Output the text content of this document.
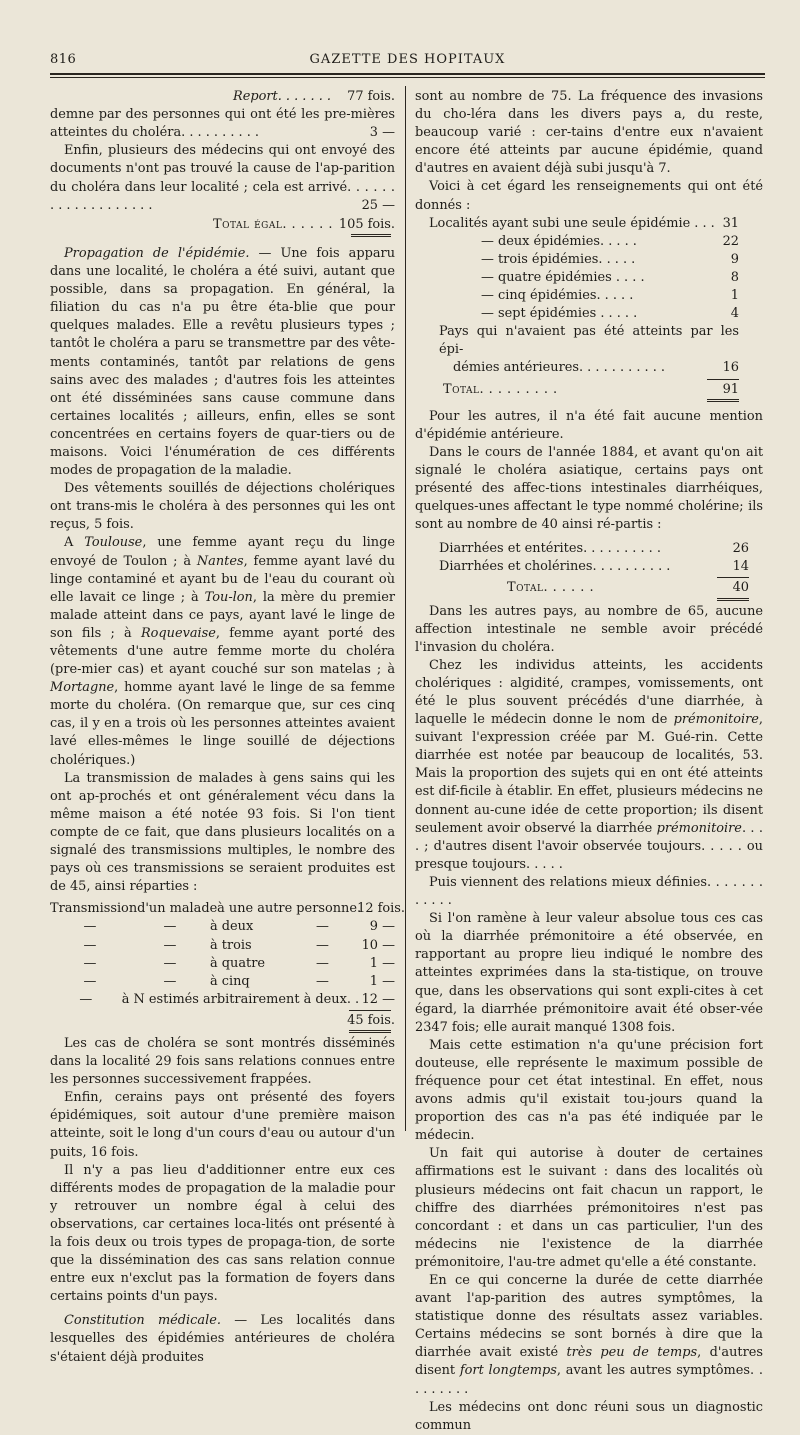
816	GAZETTE DES HOPITAUX
Report. . . . . . .	77 fois.
demne par des personnes qui ont été les pre-mières atteintes du choléra. . . . . . . . . .	3 —

Enfin, plusieurs des médecins qui ont envoyé des documents n'ont pas trouvé la cause de l'ap-parition du choléra dans leur localité ; cela est arrivé. . . . . . . . . . . . . . . . . . .	25 —
Total égal. . . . . . 105 fois.

Propagation de l'épidémie. — Une fois apparu dans une localité, le choléra a été suivi, autant que possible, dans sa propagation. En général, la filiation du cas n'a pu être éta-blie que pour quelques malades. Elle a revêtu plusieurs types ; tantôt le choléra a paru se transmettre par des vête-ments contaminés, tantôt par relations de gens sains avec des malades ; d'autres fois les atteintes ont été disséminées sans cause commune dans certaines localités ; ailleurs, enfin, elles se sont concentrées en certains foyers de quar-tiers ou de maisons. Voici l'énumération de ces différents modes de propagation de la maladie.

Des vêtements souillés de déjections cholériques ont trans-mis le choléra à des personnes qui les ont reçus, 5 fois.

A Toulouse, une femme ayant reçu du linge envoyé de Toulon ; à Nantes, femme ayant lavé du linge contaminé et ayant bu de l'eau du courant où elle lavait ce linge ; à Tou-lon, la mère du premier malade atteint dans ce pays, ayant lavé le linge de son fils ; à Roquevaise, femme ayant porté des vêtements d'une autre femme morte du choléra (pre-mier cas) et ayant couché sur son matelas ; à Mortagne, homme ayant lavé le linge de sa femme morte du choléra. (On remarque que, sur ces cinq cas, il y en a trois où les personnes atteintes avaient lavé elles-mêmes le linge souillé de déjections cholériques.)

La transmission de malades à gens sains qui les ont ap-prochés et ont généralement vécu dans la même maison a été notée 93 fois. Si l'on tient compte de ce fait, que dans plusieurs localités on a signalé des transmissions multiples, le nombre des pays où ces transmissions se seraient produites est de 45, ainsi réparties :

Transmission d'un malade à une autre personne.
12 fois.
—	—	à deux	—	9 —
—	—	à trois	—	10 —
—	—	à quatre	—	1 —
—	—	à cinq	—	1 —
—	à N estimés arbitrairement à deux. . 12 —
45 fois.

Les cas de choléra se sont montrés disséminés dans la localité 29 fois sans relations connues entre les personnes successivement frappées.

Enfin, cerains pays ont présenté des foyers épidémiques, soit autour d'une première maison atteinte, soit le long d'un cours d'eau ou autour d'un puits, 16 fois.

Il n'y a pas lieu d'additionner entre eux ces différents modes de propagation de la maladie pour y retrouver un nombre égal à celui des observations, car certaines loca-lités ont présenté à la fois deux ou trois types de propaga-tion, de sorte que la dissémination des cas sans relation connue entre eux n'exclut pas la formation de foyers dans certains points d'un pays.

Constitution médicale. — Les localités dans lesquelles des épidémies antérieures de choléra s'étaient déjà produites

sont au nombre de 75. La fréquence des invasions du cho-léra dans les divers pays a, du reste, beaucoup varié : cer-tains d'entre eux n'avaient encore été atteints par aucune épidémie, quand d'autres en avaient déjà subi jusqu'à 7.

Voici à cet égard les renseignements qui ont été donnés :

Localités ayant subi une seule épidémie . . . 31
— deux épidémies. . . . .	22
— trois épidémies. . . . .	9
— quatre épidémies . . . .	8
— cinq épidémies. . . . .	1
— sept épidémies . . . . .	4
Pays qui n'avaient pas été atteints par les épi-
démies antérieures. . . . . . . . . . .	16
Total. . . . . . . . .	91

Pour les autres, il n'a été fait aucune mention d'épidémie antérieure.

Dans le cours de l'année 1884, et avant qu'on ait signalé le choléra asiatique, certains pays ont présenté des affec-tions intestinales diarrhéiques, quelques-unes affectant le type nommé cholérine; ils sont au nombre de 40 ainsi ré-partis :

Diarrhées et entérites. . . . . . . . . .	26
Diarrhées et cholérines. . . . . . . . . .	14
Total. . . . . .	40

Dans les autres pays, au nombre de 65, aucune affection intestinale ne semble avoir précédé l'invasion du choléra.

Chez les individus atteints, les accidents cholériques : algidité, crampes, vomissements, ont été le plus souvent précédés d'une diarrhée, à laquelle le médecin donne le nom de prémonitoire, suivant l'expression créée par M. Gué-rin. Cette diarrhée est notée par beaucoup de localités, 53. Mais la proportion des sujets qui en ont été atteints est dif-ficile à établir. En effet, plusieurs médecins ne donnent au-cune idée de cette proportion; ils disent seulement avoir observé la diarrhée prémonitoire. . . . ; d'autres disent l'avoir observée toujours. . . . . ou presque toujours. . . . .

Puis viennent des relations mieux définies. . . . . . . . . . . .

Si l'on ramène à leur valeur absolue tous ces cas où la diarrhée prémonitoire a été observée, en rapportant au propre lieu indiqué le nombre des atteintes exprimées dans la sta-tistique, on trouve que, dans les observations qui sont expli-cites à cet égard, la diarrhée prémonitoire avait été obser-vée 2347 fois; elle aurait manqué 1308 fois.

Mais cette estimation n'a qu'une précision fort douteuse, elle représente le maximum possible de fréquence pour cet état intestinal. En effet, nous avons admis qu'il existait tou-jours quand la proportion des cas n'a pas été indiquée par le médecin.

Un fait qui autorise à douter de certaines affirmations est le suivant : dans des localités où plusieurs médecins ont fait chacun un rapport, le chiffre des diarrhées prémonitoires n'est pas concordant : et dans un cas particulier, l'un des médecins nie l'existence de la diarrhée prémonitoire, l'au-tre admet qu'elle a été constante.

En ce qui concerne la durée de cette diarrhée avant l'ap-parition des autres symptômes, la statistique donne des résultats assez variables. Certains médecins se sont bornés à dire que la diarrhée avait existé très peu de temps, d'autres disent fort longtemps, avant les autres symptômes. . . . . . . . .

Les médecins ont donc réuni sous un diagnostic commun
